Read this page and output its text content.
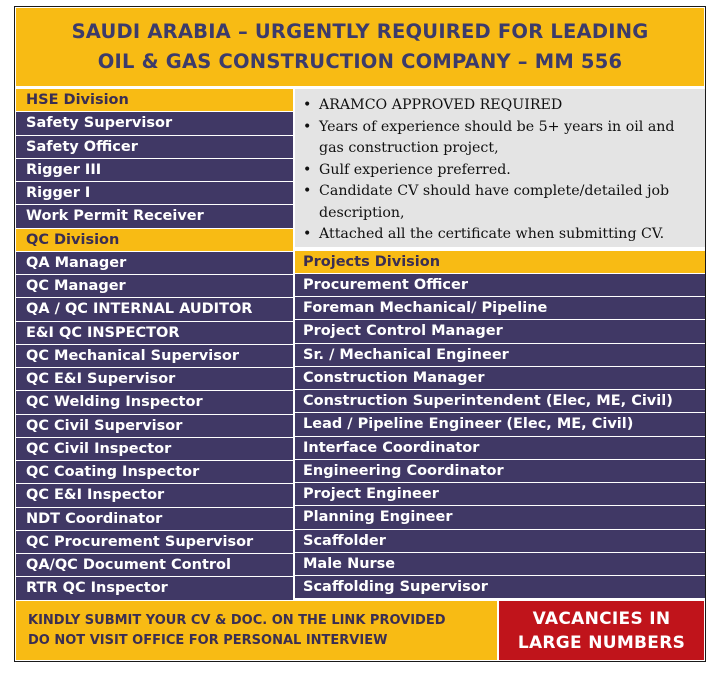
SAUDI ARABIA – URGENTLY REQUIRED FOR LEADING
OIL & GAS CONSTRUCTION COMPANY – MM 556
HSE Division
Safety Supervisor
Safety Officer
Rigger III
Rigger I
Work Permit Receiver
QC Division
QA Manager
QC Manager
QA / QC INTERNAL AUDITOR
E&I QC INSPECTOR
QC Mechanical Supervisor
QC E&I Supervisor
QC Welding Inspector
QC Civil Supervisor
QC Civil Inspector
QC Coating Inspector
QC E&I Inspector
NDT Coordinator
QC Procurement Supervisor
QA/QC Document Control
RTR QC Inspector
• ARAMCO APPROVED REQUIRED
• Years of experience should be 5+ years in oil and gas construction project,
• Gulf experience preferred.
• Candidate CV should have complete/detailed job description,
• Attached all the certificate when submitting CV.
Projects Division
Procurement Officer
Foreman Mechanical/ Pipeline
Project Control Manager
Sr. / Mechanical Engineer
Construction Manager
Construction Superintendent (Elec, ME, Civil)
Lead / Pipeline Engineer (Elec, ME, Civil)
Interface Coordinator
Engineering Coordinator
Project Engineer
Planning Engineer
Scaffolder
Male Nurse
Scaffolding Supervisor
KINDLY SUBMIT YOUR CV & DOC. ON THE LINK PROVIDED
DO NOT VISIT OFFICE FOR PERSONAL INTERVIEW
VACANCIES IN
LARGE NUMBERS
